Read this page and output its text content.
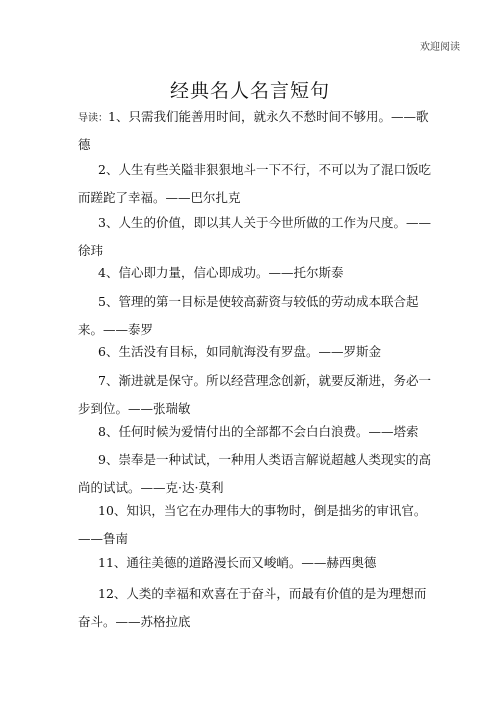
欢迎阅读
经典名人名言短句
导读：1、只需我们能善用时间，就永久不愁时间不够用。——歌德
2、人生有些关隘非狠狠地斗一下不行，不可以为了混口饭吃而蹉跎了幸福。——巴尔扎克
3、人生的价值，即以其人关于今世所做的工作为尺度。——徐玮
4、信心即力量，信心即成功。——托尔斯泰
5、管理的第一目标是使较高薪资与较低的劳动成本联合起来。——泰罗
6、生活没有目标，如同航海没有罗盘。——罗斯金
7、渐进就是保守。所以经营理念创新，就要反渐进，务必一步到位。——张瑞敏
8、任何时候为爱情付出的全部都不会白白浪费。——塔索
9、崇奉是一种试试，一种用人类语言解说超越人类现实的高尚的试试。——克·达·莫利
10、知识，当它在办理伟大的事物时，倒是拙劣的审讯官。——鲁南
11、通往美德的道路漫长而又峻峭。——赫西奥德
12、人类的幸福和欢喜在于奋斗，而最有价值的是为理想而奋斗。——苏格拉底
